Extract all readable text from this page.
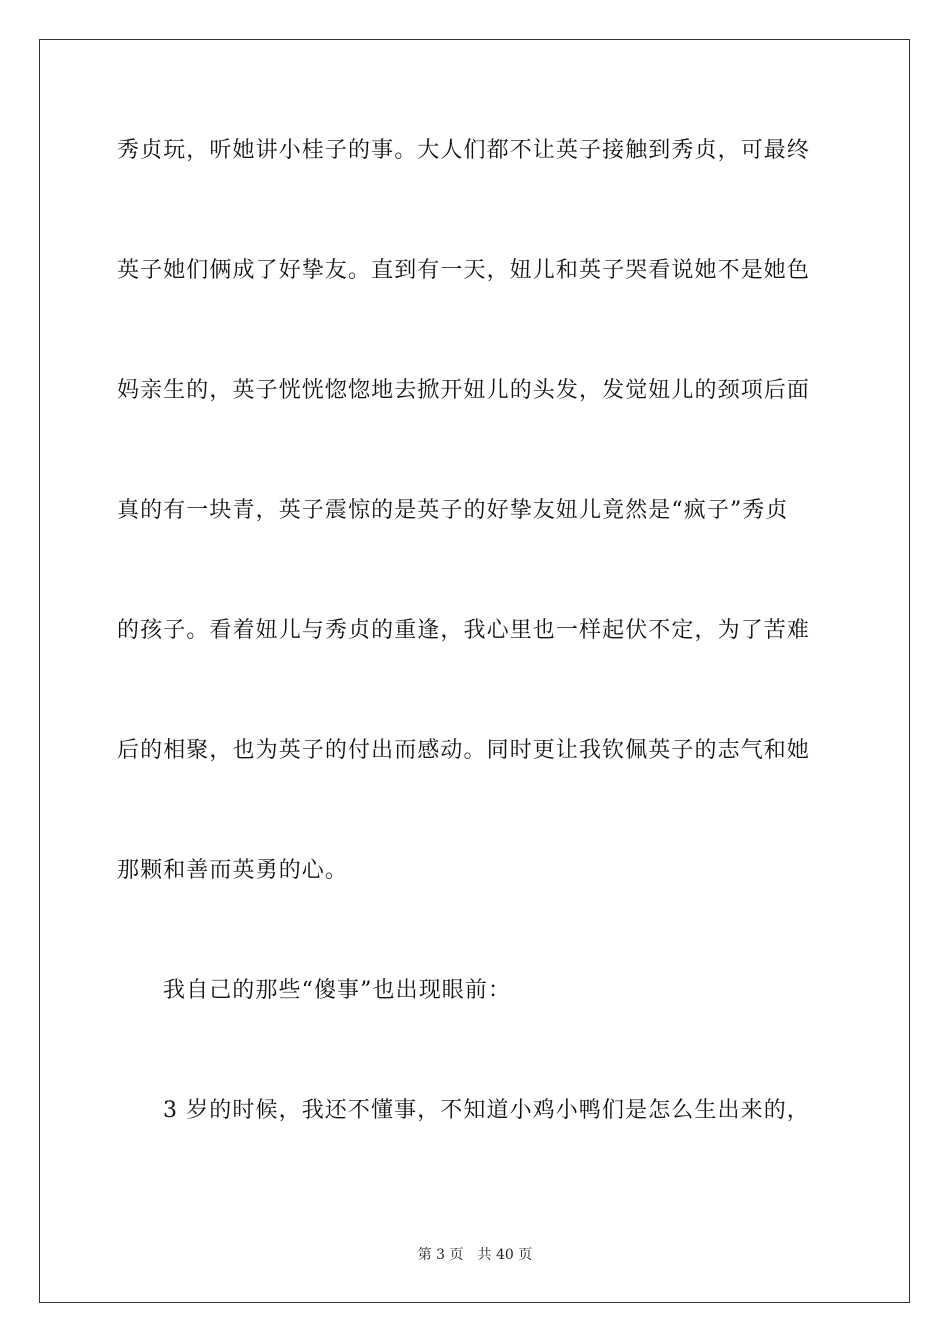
秀贞玩，听她讲小桂子的事。大人们都不让英子接触到秀贞，可最终
英子她们俩成了好挚友。直到有一天，妞儿和英子哭看说她不是她色
妈亲生的，英子恍恍惚惚地去掀开妞儿的头发，发觉妞儿的颈项后面
真的有一块青，英子震惊的是英子的好挚友妞儿竟然是“疯子”秀贞
的孩子。看着妞儿与秀贞的重逢，我心里也一样起伏不定，为了苦难
后的相聚，也为英子的付出而感动。同时更让我钦佩英子的志气和她
那颗和善而英勇的心。
我自己的那些“傻事”也出现眼前：
3 岁的时候，我还不懂事，不知道小鸡小鸭们是怎么生出来的，
第 3 页 共 40 页
